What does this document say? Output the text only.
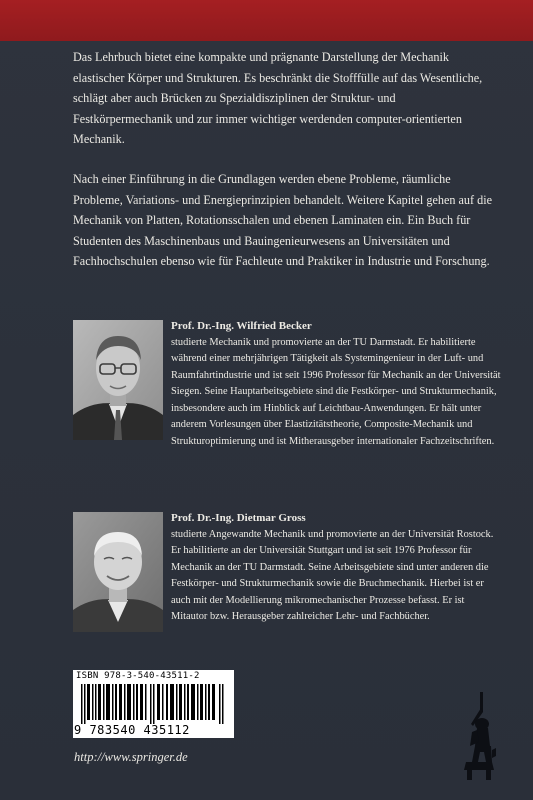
Das Lehrbuch bietet eine kompakte und prägnante Darstellung der Mechanik elastischer Körper und Strukturen. Es beschränkt die Stofffülle auf das Wesentliche, schlägt aber auch Brücken zu Spezialdisziplinen der Struktur- und Festkörpermechanik und zur immer wichtiger werdenden computer-orientierten Mechanik.

Nach einer Einführung in die Grundlagen werden ebene Probleme, räumliche Probleme, Variations- und Energieprinzipien behandelt. Weitere Kapitel gehen auf die Mechanik von Platten, Rotationsschalen und ebenen Laminaten ein. Ein Buch für Studenten des Maschinenbaus und Bauingenieurwesens an Universitäten und Fachhochschulen ebenso wie für Fachleute und Praktiker in Industrie und Forschung.

Prof. Dr.-Ing. Wilfried Becker
studierte Mechanik und promovierte an der TU Darmstadt. Er habilitierte während einer mehrjährigen Tätigkeit als Systemingenieur in der Luft- und Raumfahrtindustrie und ist seit 1996 Professor für Mechanik an der Universität Siegen. Seine Hauptarbeitsgebiete sind die Festkörper- und Strukturmechanik, insbesondere auch im Hinblick auf Leichtbau-Anwendungen. Er hält unter anderem Vorlesungen über Elastizitätstheorie, Composite-Mechanik und Strukturoptimierung und ist Mitherausgeber internationaler Fachzeitschriften.
Prof. Dr.-Ing. Dietmar Gross
studierte Angewandte Mechanik und promovierte an der Universität Rostock. Er habilitierte an der Universität Stuttgart und ist seit 1976 Professor für Mechanik an der TU Darmstadt. Seine Arbeitsgebiete sind unter anderen die Festkörper- und Strukturmechanik sowie die Bruchmechanik. Hierbei ist er auch mit der Modellierung mikromechanischer Prozesse befasst. Er ist Mitautor bzw. Herausgeber zahlreicher Lehr- und Fachbücher.
ISBN 978-3-540-43511-2
9 783540 435112
http://www.springer.de
